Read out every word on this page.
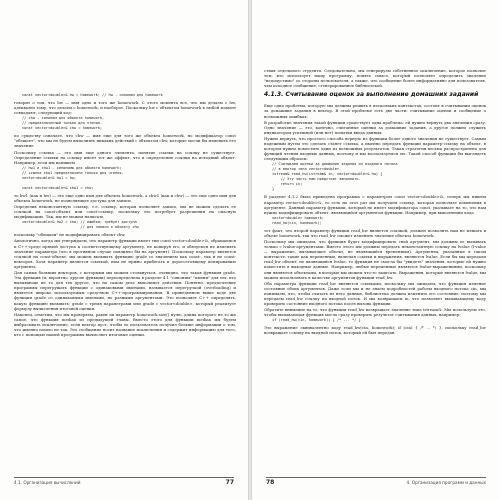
const vector<double>& hw = homework; // hw - синоним для homework
говорит о том, что hw — имя одно и того же homework. С этого момента все, что мы делаем с hw, адекватно тому, что делаем с homework, и наоборот. Поскольку hw с объектом homework в любой момент совпадают, следующий код:
// chw - синоним для объекта homework,
// предназначенный только для чтения.
const vector<double>& chw = homework;
по существу означает, что chw — имя еще для того же объекта homework, но модификатор const "обещает", что мы не будем выполнять никаких действий с объектом chw, которые могли бы изменить его значение.
Поскольку ссылка — это имя еще одного элемента, понятие ссылки на ссылку не существует. Определение ссылки на ссылку имеет тот же эффект, что и определение ссылки на исходный объект. Например, если мы напишем
// hw1 и chw1 - синонимы для объекта homework;
// ссылка chw1 предназначена только для чтения.
vector<double>& hw1 = hw;

const vector<double>& chw1 = chw;
то hw1 (как и hw) — это еще одно имя для объекта homework, а chw1 (как и chw) — это еще одно имя для объекта homework, не позволяющее доступа для записи.
Определив неконстантную ссылку, т.е. ссылку, которая позволяет запись, мы не можем сделать ее ссылкой на const-объект или const-ссылку, поскольку это потребует разрешения на опасную модификацию. Так, мы не можем написать
vector<double>& hw2 = chw; // ошибка: требует доступа
// для записи к объекту chw
поскольку "обещали" не модифицировать объект chw.
Аналогично, когда мы утверждаем, что параметр функции имеет тип const vector<double>&, обращаемся к C++-среде прямой доступа к соответствующему аргументу, не копируя его, и обязуемся не изменять значение параметра (что в противном случае повлияло бы на аргумент). Поскольку параметр является ссылкой на const-объект, мы можем вызывать функцию grade со значением как const-, так и не const-векторов. Хотя параметр является ссылкой, нам не нужно прибегать к дорогостоящему копированию аргумента.
Для самых больших векторов, с которыми мы можем столкнуться, очевидно, что такая функция grade. Эта функция (и, вероятно, другие функции) переопределена в разделе 4.1 "синоним" "имени" для тех, кто вызывающе не то для тех другое, что на самом деле выполняет действия. Понятно, предпочтение программы перегружать функции с одинаковыми именами, называется перегрузкой (overloading) и является широко используемым средством C++-программирования. В приведенном выше коде две функции grade со одинаковыми именами, но разными аргументами. Это позволяет C++ определять, какую функцию вызывать: grade с тремя параметрами или grade с vector<double>, который реализует формулу вычисления итоговой оценки.
Наконец, отметим, что мы проверяем, равен ли параметр homework.size() нулю, длина которого не то же самое, что функция median из предыдущей главы. Вместо этого для функции median мы будем выбрасывать исключение, если вектор пуст, чтобы ее пользователь получил больше информации о том, что именно пошло не так. Это сообщение носит название исключения и содержит информацию для того, кто с помощью нашей программы вычисляет итоговые оценки.
4.1. Организация вычислений	77
ствия отдельного студента. Следовательно, мы генерируем собственное исключение, которое позволит тем, кто использует нашу программу, понять смысл, который позволяет определить значение "недопустимо" со стороны пользователя, а также, что сообщение более информативно для пользователя, чем исходное сообщение, сгенерированное библиотекой.
4.1.3. Считывание оценок за выполнение домашних заданий
Еще одна проблема, которую мы должны решить в нескольких контекстах, состоит в считывании оценок за домашние задания в вектор. В этой проблеме есть две части: считывание оценок и сообщение о возможных ошибках.
В разработке значения такой функции существует одна проблема: ей нужно вернуть два значения сразу. Одно значение — это, конечно, считанные оценки за домашние задания, а другое должно служить индикатором успешной (или нет) попытки ввода данных.
Нужно вернуть, что простого способа вернуть из функции более одного значения не существует. Самым надежным путем это сделать станет ссылка, а именно передать функции параметр-ссылку на объект, в котором нужно поместить один из возможных результатов. Такая стратегия весьма распространена для функций чтения входных данных, поэтому и мы воспользуемся ею. Такой способ функции бы выглядеть следующим образом:
// Считываем оценки за домашние задания из входного потока
// в вектор типа vector<double>.
istream& read_hw(istream& in, vector<double>& hw) {
// Эту часть нам предстоит заполнить.
return in;
}
В разделе 4.1.2 была приведена программа с параметром const vector<double>&, теперь мы пишем параметр vector<double>&, то есть на этот раз мы получаем ссылку, которая позволяет изменения в аргументе. Данный параметр функции, который не имеет модификатора const, указывает на то, что нам нужно модифицировать объект, являющийся аргументом функции. Например, при выполнении кода
vector<double> homework;
read_hw(cin, homework);
тот факт, что второй параметр функции read_hw является ссылкой, должен позволить нам не мешать в объект homework, так что read_hw сможет изменить значение объекта homework.
Поскольку мы ожидаем, что функция будет модифицировать свой аргумент, мы должны ее вызывать только с lvalue-аргументами. Вместо этого мы должны передать неконстантную ссылку на lvalue (l-value — выражение, вызывающее объект, не являющийся временным). Аргументы, указанные в таком контексте, такие как переменные, включая ссылки и выражения, являются lvalue. Если бы мы передали read_hw объект, не являющийся lvalue, то функция не смогла бы "увидеть" значения, которые ей нужно поместить в выходные данные. Например, любые переменные являются lvalue-выражениями, поскольку они являются объектами, в которые мы можем что-то записать. Выражения, которые являются lvalue, мы можем использовать в качестве аргументов функции read_hw.
Оба параметра функции read_hw являются ссылками, поскольку мы ожидаем, что функция изменит состояние обоих аргументов. Даже если мы и не знаем подробностей работы входного потока cin, мы понимаем, что, чтобы считать из него данные, библиотека должна изменить его состояние, поэтому мы передаем read_hw ссылку на входной поток. И мы возвращаем in, что позволяет вызывающему коду проверить состояние входного потока после вызова функции.
Обратите внимание на то, что функция read_hw возвращает значение типа istream&. Мы используем это, чтобы вызывающая функция могла сразу проверить результат считывания данных, например:
if (read_hw(cin, homework)) { /* ... */ }
Это выражение эквивалентно коду read_hw(cin, homework); if (cin) { /* ... */ }, поскольку read_hw возвращает ссылку на входной поток, который ей был передан.
78	4. Организация программ и данных
